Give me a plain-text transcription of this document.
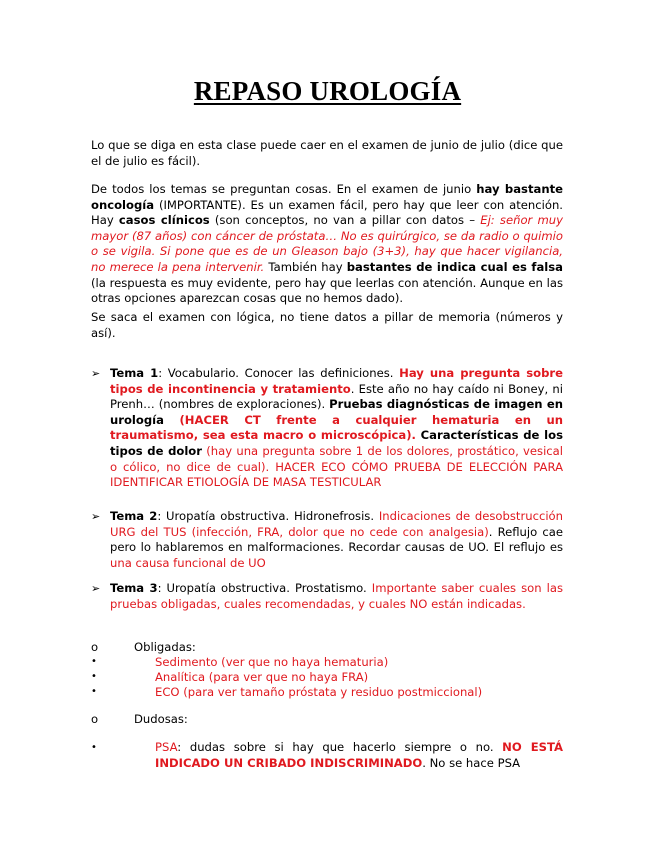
REPASO UROLOGÍA
Lo que se diga en esta clase puede caer en el examen de junio de julio (dice que el de julio es fácil).
De todos los temas se preguntan cosas. En el examen de junio hay bastante oncología (IMPORTANTE). Es un examen fácil, pero hay que leer con atención. Hay casos clínicos (son conceptos, no van a pillar con datos – Ej: señor muy mayor (87 años) con cáncer de próstata… No es quirúrgico, se da radio o quimio o se vigila. Si pone que es de un Gleason bajo (3+3), hay que hacer vigilancia, no merece la pena intervenir. También hay bastantes de indica cual es falsa (la respuesta es muy evidente, pero hay que leerlas con atención. Aunque en las otras opciones aparezcan cosas que no hemos dado).
Se saca el examen con lógica, no tiene datos a pillar de memoria (números y así).
➢ Tema 1: Vocabulario. Conocer las definiciones. Hay una pregunta sobre tipos de incontinencia y tratamiento. Este año no hay caído ni Boney, ni Prenh… (nombres de exploraciones). Pruebas diagnósticas de imagen en urología (HACER CT frente a cualquier hematuria en un traumatismo, sea esta macro o microscópica). Características de los tipos de dolor (hay una pregunta sobre 1 de los dolores, prostático, vesical o cólico, no dice de cual). HACER ECO CÓMO PRUEBA DE ELECCIÓN PARA IDENTIFICAR ETIOLOGÍA DE MASA TESTICULAR
➢ Tema 2: Uropatía obstructiva. Hidronefrosis. Indicaciones de desobstrucción URG del TUS (infección, FRA, dolor que no cede con analgesia). Reflujo cae pero lo hablaremos en malformaciones. Recordar causas de UO. El reflujo es una causa funcional de UO
➢ Tema 3: Uropatía obstructiva. Prostatismo. Importante saber cuales son las pruebas obligadas, cuales recomendadas, y cuales NO están indicadas.
o	Obligadas:
•	Sedimento (ver que no haya hematuria)
•	Analítica (para ver que no haya FRA)
•	ECO (para ver tamaño próstata y residuo postmiccional)
o	Dudosas:
•	PSA: dudas sobre si hay que hacerlo siempre o no. NO ESTÁ INDICADO UN CRIBADO INDISCRIMINADO. No se hace PSA
